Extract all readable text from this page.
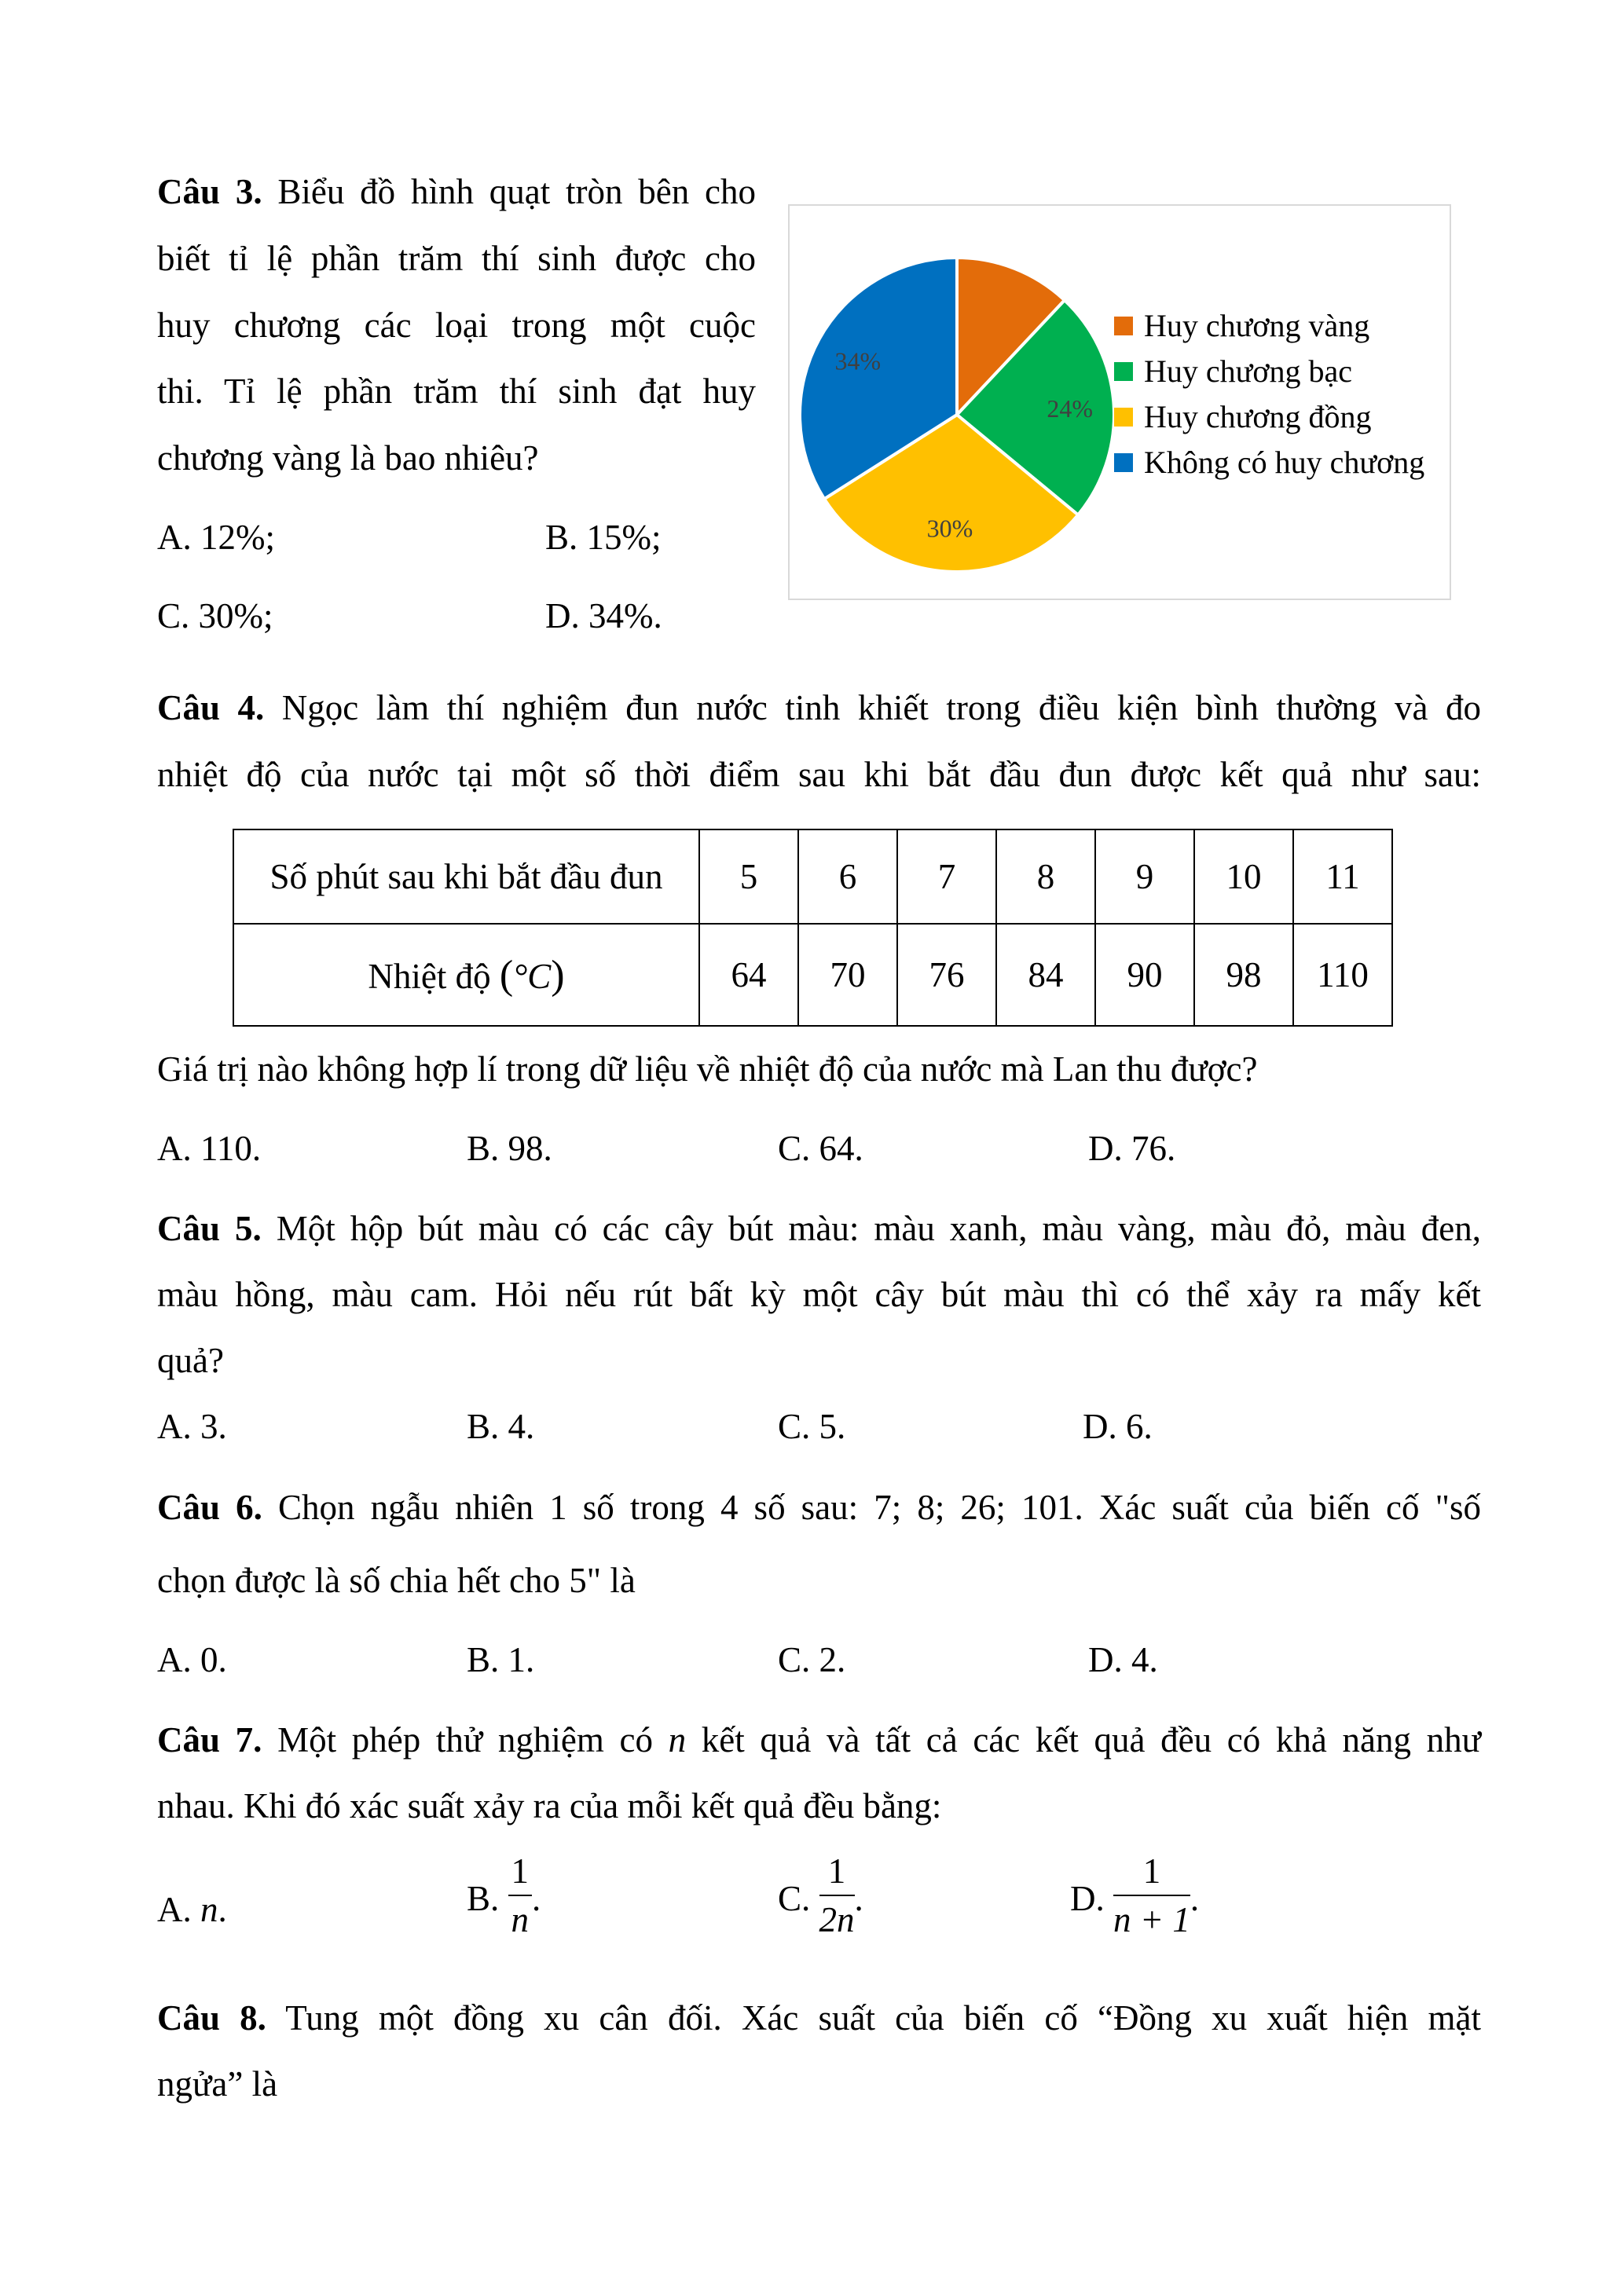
Câu 3. Biểu đồ hình quạt tròn bên cho
biết tỉ lệ phần trăm thí sinh được cho
huy chương các loại trong một cuộc
thi. Tỉ lệ phần trăm thí sinh đạt huy
chương vàng là bao nhiêu?
A. 12%;	B. 15%;
C. 30%;	D. 34%.
24%
30%
34%
Huy chương vàng
Huy chương bạc
Huy chương đồng
Không có huy chương
Câu 4. Ngọc làm thí nghiệm đun nước tinh khiết trong điều kiện bình thường và đo
nhiệt độ của nước tại một số thời điểm sau khi bắt đầu đun được kết quả như sau:
Số phút sau khi bắt đầu đun	5	6	7	8	9	10	11
Nhiệt độ (°C)	64	70	76	84	90	98	110
Giá trị nào không hợp lí trong dữ liệu về nhiệt độ của nước mà Lan thu được?
A. 110.	B. 98.	C. 64.	D. 76.
Câu 5. Một hộp bút màu có các cây bút màu: màu xanh, màu vàng, màu đỏ, màu đen,
màu hồng, màu cam. Hỏi nếu rút bất kỳ một cây bút màu thì có thể xảy ra mấy kết
quả?
A. 3.	B. 4.	C. 5.	D. 6.
Câu 6. Chọn ngẫu nhiên 1 số trong 4 số sau: 7; 8; 26; 101. Xác suất của biến cố "số
chọn được là số chia hết cho 5" là
A. 0.	B. 1.	C. 2.	D. 4.
Câu 7. Một phép thử nghiệm có n kết quả và tất cả các kết quả đều có khả năng như
nhau. Khi đó xác suất xảy ra của mỗi kết quả đều bằng:
A. n.	B. $\frac{1}{n}$ .	C. $\frac{1}{2n}$ .	D. $\frac{1}{n + 1}$ .
Câu 8. Tung một đồng xu cân đối. Xác suất của biến cố “Đồng xu xuất hiện mặt
ngửa” là
